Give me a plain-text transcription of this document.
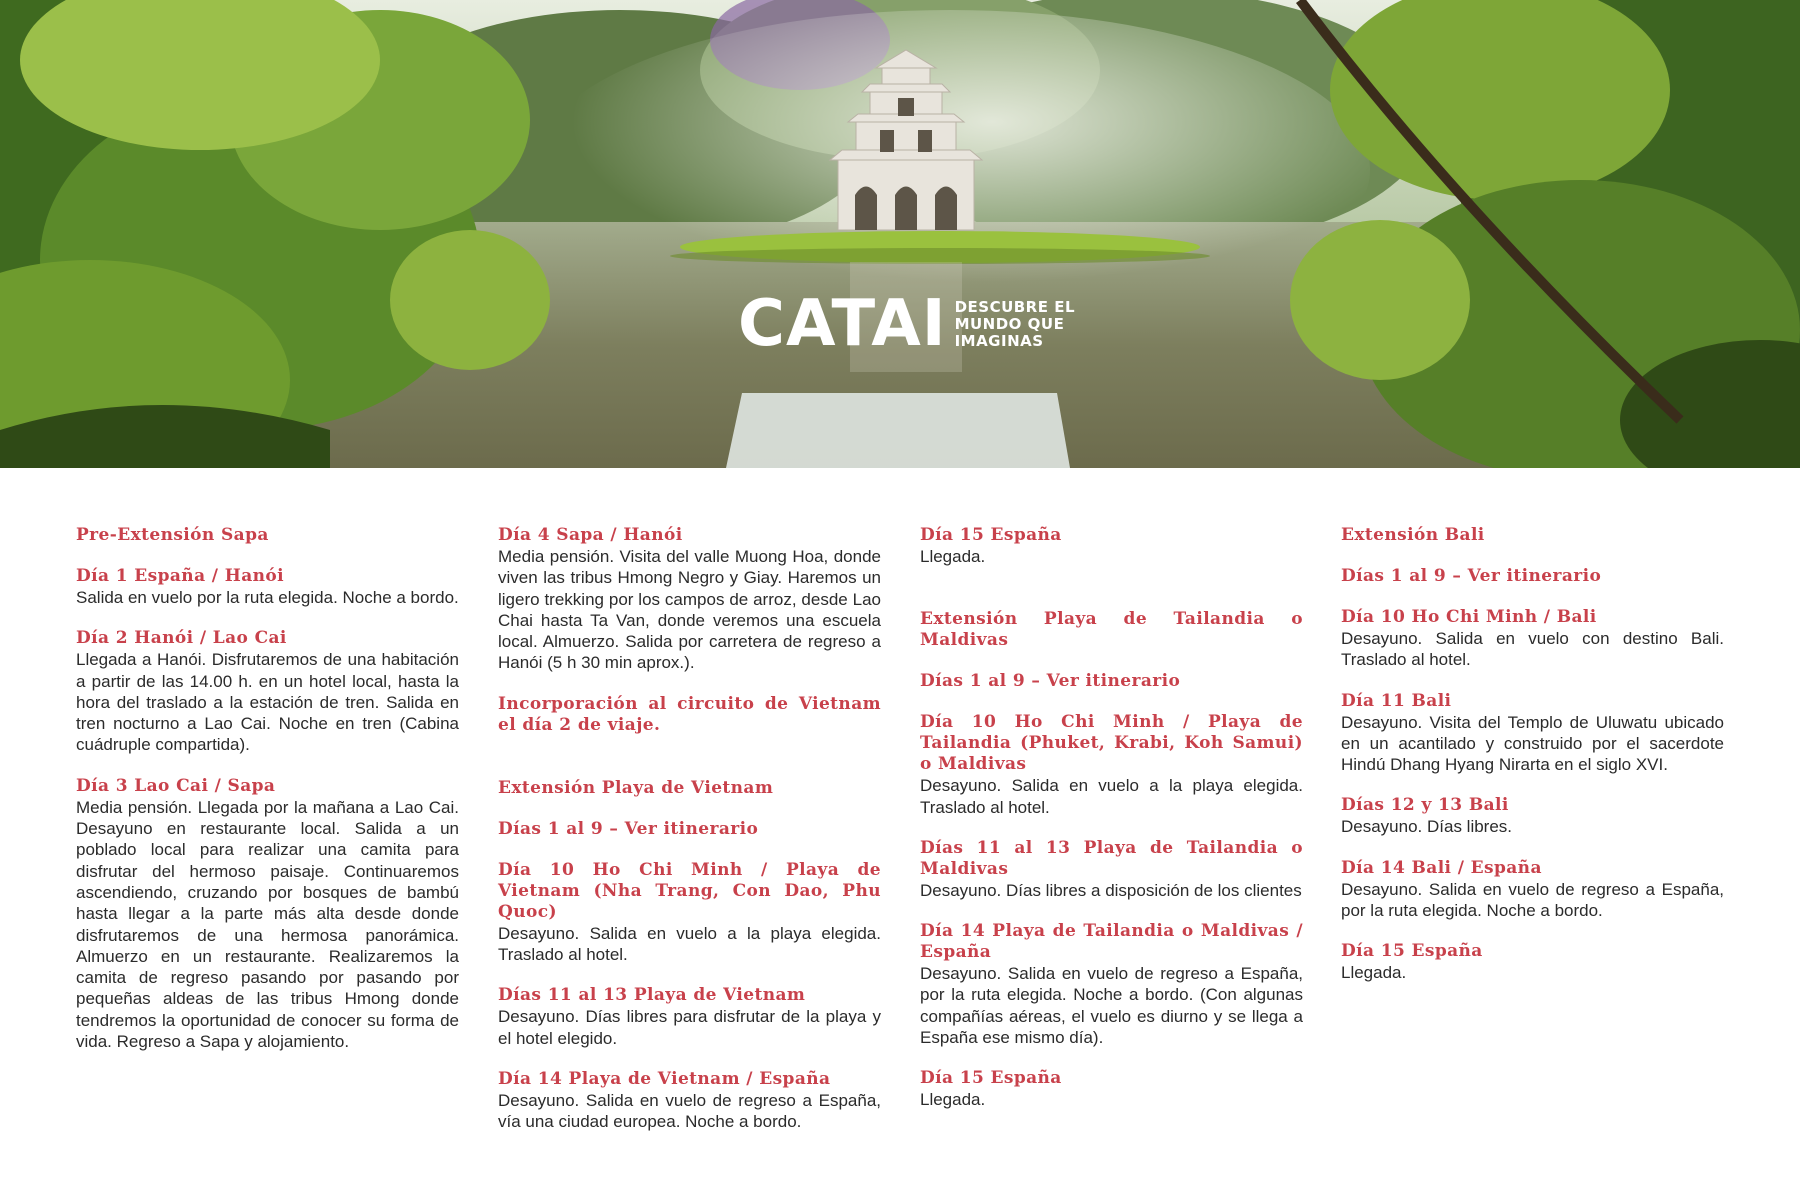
CATAI DESCUBRE EL
MUNDO QUE
IMAGINAS
Pre-Extensión Sapa
Día 1 España / Hanói
Salida en vuelo por la ruta elegida. Noche a bordo.
Día 2 Hanói / Lao Cai
Llegada a Hanói. Disfrutaremos de una habitación a partir de las 14.00 h. en un hotel local, hasta la hora del traslado a la estación de tren. Salida en tren nocturno a Lao Cai. Noche en tren (Cabina cuádruple compartida).
Día 3 Lao Cai / Sapa
Media pensión. Llegada por la mañana a Lao Cai. Desayuno en restaurante local. Salida a un poblado local para realizar una camita para disfrutar del hermoso paisaje. Continuaremos ascendiendo, cruzando por bosques de bambú hasta llegar a la parte más alta desde donde disfrutaremos de una hermosa panorámica. Almuerzo en un restaurante. Realizaremos la camita de regreso pasando por pasando por pequeñas aldeas de las tribus Hmong donde tendremos la oportunidad de conocer su forma de vida. Regreso a Sapa y alojamiento.
Día 4 Sapa / Hanói
Media pensión. Visita del valle Muong Hoa, donde viven las tribus Hmong Negro y Giay. Haremos un ligero trekking por los campos de arroz, desde Lao Chai hasta Ta Van, donde veremos una escuela local. Almuerzo. Salida por carretera de regreso a Hanói (5 h 30 min aprox.).
Incorporación al circuito de Vietnam el día 2 de viaje.
Extensión Playa de Vietnam
Días 1 al 9 – Ver itinerario
Día 10 Ho Chi Minh / Playa de Vietnam (Nha Trang, Con Dao, Phu Quoc)
Desayuno. Salida en vuelo a la playa elegida. Traslado al hotel.
Días 11 al 13 Playa de Vietnam
Desayuno. Días libres para disfrutar de la playa y el hotel elegido.
Día 14 Playa de Vietnam / España
Desayuno. Salida en vuelo de regreso a España, vía una ciudad europea. Noche a bordo.
Día 15 España
Llegada.
Extensión Playa de Tailandia o Maldivas
Días 1 al 9 – Ver itinerario
Día 10 Ho Chi Minh / Playa de Tailandia (Phuket, Krabi, Koh Samui) o Maldivas
Desayuno. Salida en vuelo a la playa elegida. Traslado al hotel.
Días 11 al 13 Playa de Tailandia o Maldivas
Desayuno. Días libres a disposición de los clientes
Día 14 Playa de Tailandia o Maldivas / España
Desayuno. Salida en vuelo de regreso a España, por la ruta elegida. Noche a bordo. (Con algunas compañías aéreas, el vuelo es diurno y se llega a España ese mismo día).
Día 15 España
Llegada.
Extensión Bali
Días 1 al 9 – Ver itinerario
Día 10 Ho Chi Minh / Bali
Desayuno. Salida en vuelo con destino Bali. Traslado al hotel.
Día 11 Bali
Desayuno. Visita del Templo de Uluwatu ubicado en un acantilado y construido por el sacerdote Hindú Dhang Hyang Nirarta en el siglo XVI.
Días 12 y 13 Bali
Desayuno. Días libres.
Día 14 Bali / España
Desayuno. Salida en vuelo de regreso a España, por la ruta elegida. Noche a bordo.
Día 15 España
Llegada.
